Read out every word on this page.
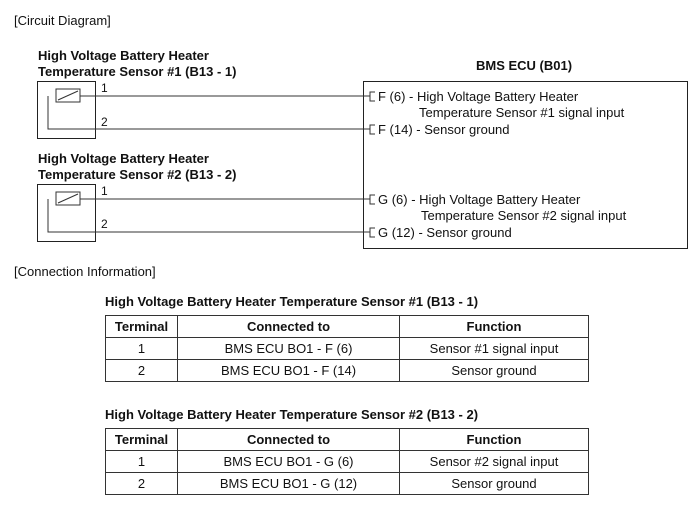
[Circuit Diagram]
High Voltage Battery Heater
Temperature Sensor #1 (B13 - 1)	BMS ECU (B01)
High Voltage Battery Heater
Temperature Sensor #2 (B13 - 2)
1
2
1
2
F (6) - High Voltage Battery Heater
Temperature Sensor #1 signal input
F (14) - Sensor ground
G (6) - High Voltage Battery Heater
Temperature Sensor #2 signal input
G (12) - Sensor ground
[Connection Information]
High Voltage Battery Heater Temperature Sensor #1 (B13 - 1)
Terminal	Connected to	Function
1	BMS ECU BO1 - F (6)	Sensor #1 signal input
2	BMS ECU BO1 - F (14)	Sensor ground
High Voltage Battery Heater Temperature Sensor #2 (B13 - 2)
Terminal	Connected to	Function
1	BMS ECU BO1 - G (6)	Sensor #2 signal input
2	BMS ECU BO1 - G (12)	Sensor ground
